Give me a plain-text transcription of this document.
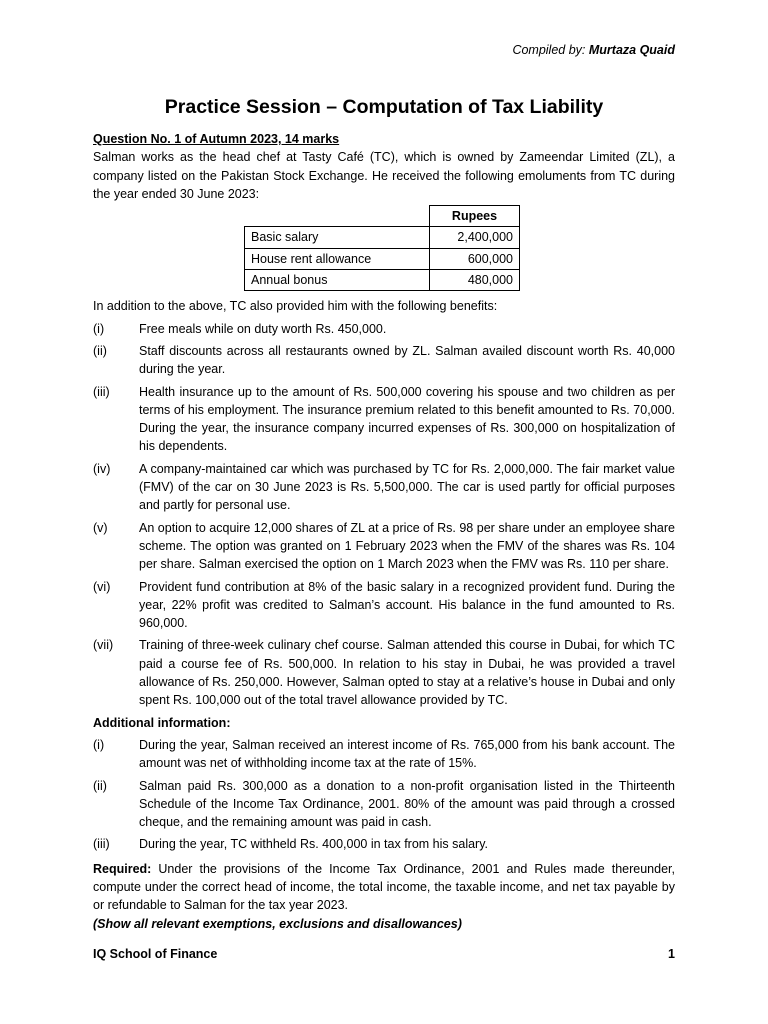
Compiled by: Murtaza Quaid
Practice Session – Computation of Tax Liability
Question No. 1 of Autumn 2023, 14 marks

Salman works as the head chef at Tasty Café (TC), which is owned by Zameendar Limited (ZL), a company listed on the Pakistan Stock Exchange. He received the following emoluments from TC during the year ended 30 June 2023:

	Rupees
Basic salary	2,400,000
House rent allowance	600,000
Annual bonus	480,000

In addition to the above, TC also provided him with the following benefits:

(i)	Free meals while on duty worth Rs. 450,000.
(ii)	Staff discounts across all restaurants owned by ZL. Salman availed discount worth Rs. 40,000 during the year.
(iii)	Health insurance up to the amount of Rs. 500,000 covering his spouse and two children as per terms of his employment. The insurance premium related to this benefit amounted to Rs. 70,000. During the year, the insurance company incurred expenses of Rs. 300,000 on hospitalization of his dependents.
(iv)	A company-maintained car which was purchased by TC for Rs. 2,000,000. The fair market value (FMV) of the car on 30 June 2023 is Rs. 5,500,000. The car is used partly for official purposes and partly for personal use.
(v)	An option to acquire 12,000 shares of ZL at a price of Rs. 98 per share under an employee share scheme. The option was granted on 1 February 2023 when the FMV of the shares was Rs. 104 per share. Salman exercised the option on 1 March 2023 when the FMV was Rs. 110 per share.
(vi)	Provident fund contribution at 8% of the basic salary in a recognized provident fund. During the year, 22% profit was credited to Salman’s account. His balance in the fund amounted to Rs. 960,000.
(vii)	Training of three-week culinary chef course. Salman attended this course in Dubai, for which TC paid a course fee of Rs. 500,000. In relation to his stay in Dubai, he was provided a travel allowance of Rs. 250,000. However, Salman opted to stay at a relative’s house in Dubai and only spent Rs. 100,000 out of the total travel allowance provided by TC.
Additional information:
(i)	During the year, Salman received an interest income of Rs. 765,000 from his bank account. The amount was net of withholding income tax at the rate of 15%.
(ii)	Salman paid Rs. 300,000 as a donation to a non-profit organisation listed in the Thirteenth Schedule of the Income Tax Ordinance, 2001. 80% of the amount was paid through a crossed cheque, and the remaining amount was paid in cash.
(iii)	During the year, TC withheld Rs. 400,000 in tax from his salary.

Required: Under the provisions of the Income Tax Ordinance, 2001 and Rules made thereunder, compute under the correct head of income, the total income, the taxable income, and net tax payable by or refundable to Salman for the tax year 2023.

(Show all relevant exemptions, exclusions and disallowances)
IQ School of Finance	1
